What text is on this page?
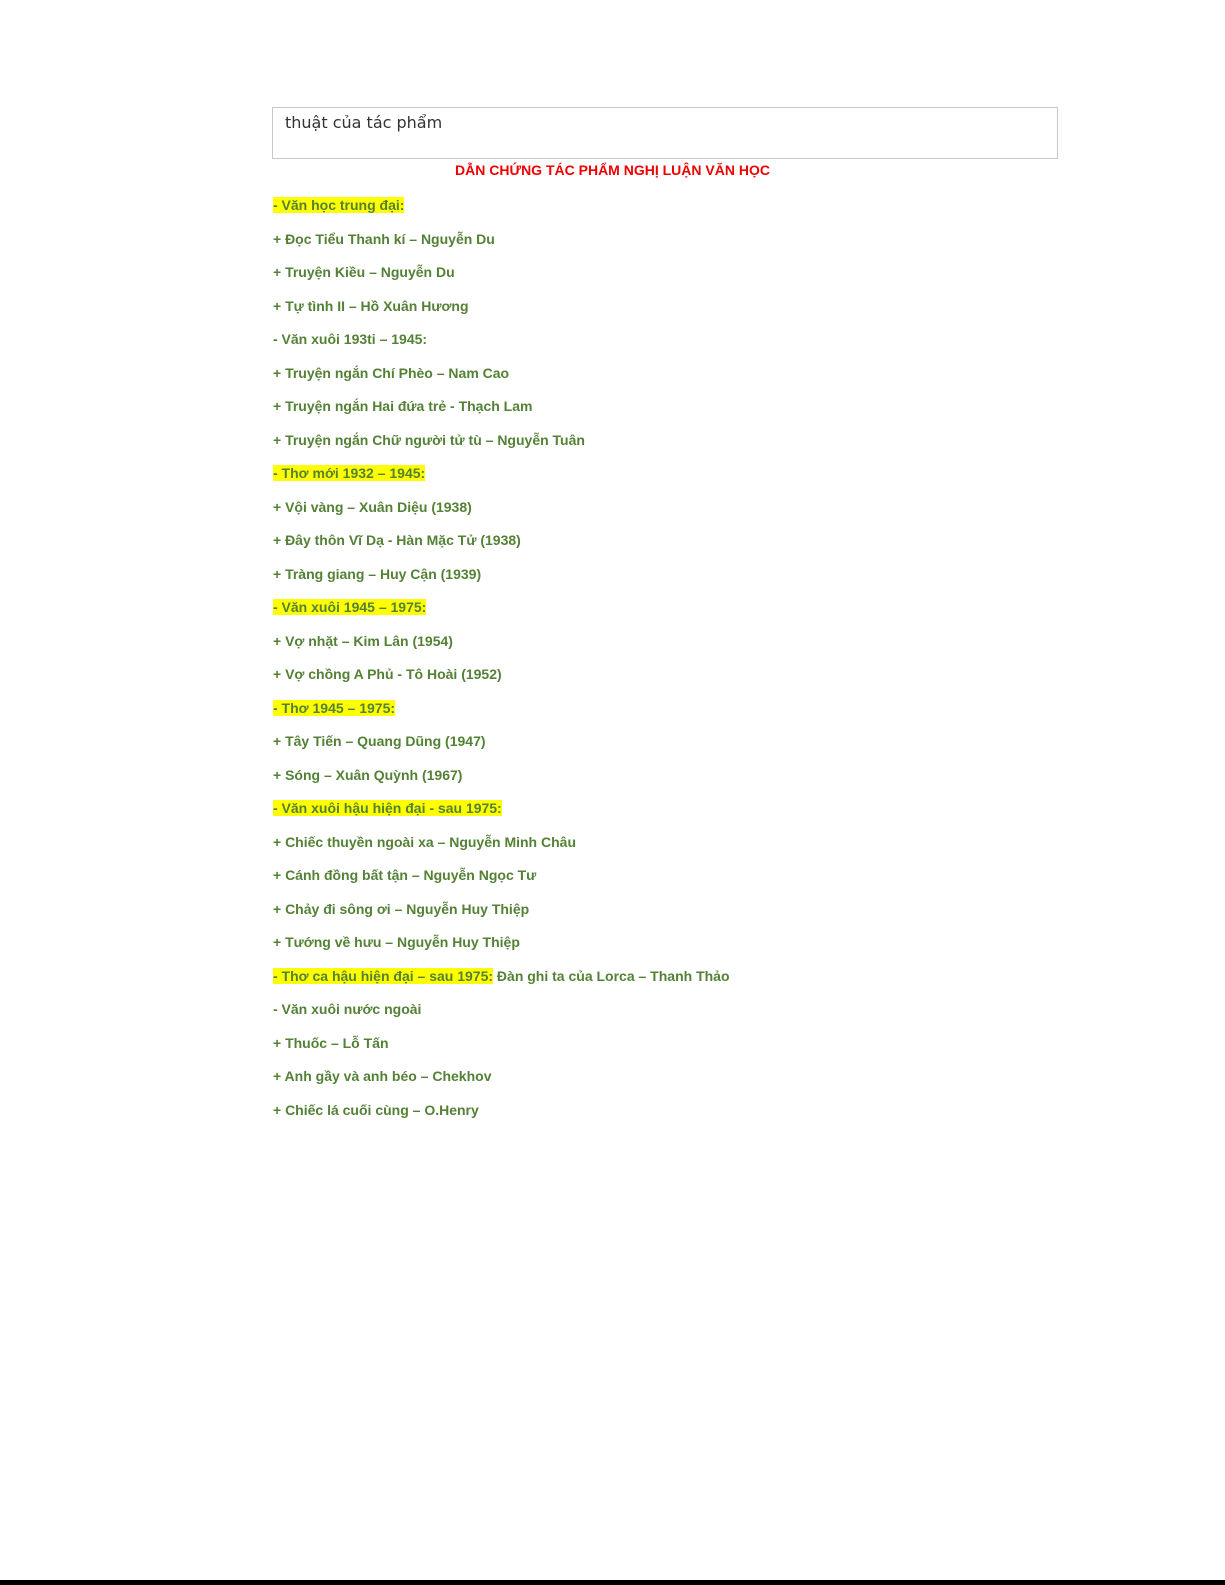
thuật của tác phẩm
DẪN CHỨNG TÁC PHẨM NGHỊ LUẬN VĂN HỌC
- Văn học trung đại:
+ Đọc Tiểu Thanh kí – Nguyễn Du
+ Truyện Kiều – Nguyễn Du
+ Tự tình II – Hồ Xuân Hương
- Văn xuôi 193ti – 1945:
+ Truyện ngắn Chí Phèo – Nam Cao
+ Truyện ngắn Hai đứa trẻ - Thạch Lam
+ Truyện ngắn Chữ người tử tù – Nguyễn Tuân
- Thơ mới 1932 – 1945:
+ Vội vàng – Xuân Diệu (1938)
+ Đây thôn Vĩ Dạ - Hàn Mặc Tử (1938)
+ Tràng giang – Huy Cận (1939)
- Văn xuôi 1945 – 1975:
+ Vợ nhặt – Kim Lân (1954)
+ Vợ chồng A Phủ - Tô Hoài (1952)
- Thơ 1945 – 1975:
+ Tây Tiến – Quang Dũng (1947)
+ Sóng – Xuân Quỳnh (1967)
- Văn xuôi hậu hiện đại - sau 1975:
+ Chiếc thuyền ngoài xa – Nguyễn Minh Châu
+ Cánh đồng bất tận – Nguyễn Ngọc Tư
+ Chảy đi sông ơi – Nguyễn Huy Thiệp
+ Tướng về hưu – Nguyễn Huy Thiệp
- Thơ ca hậu hiện đại – sau 1975: Đàn ghi ta của Lorca – Thanh Thảo
- Văn xuôi nước ngoài
+ Thuốc – Lỗ Tấn
+ Anh gầy và anh béo – Chekhov
+ Chiếc lá cuối cùng – O.Henry
